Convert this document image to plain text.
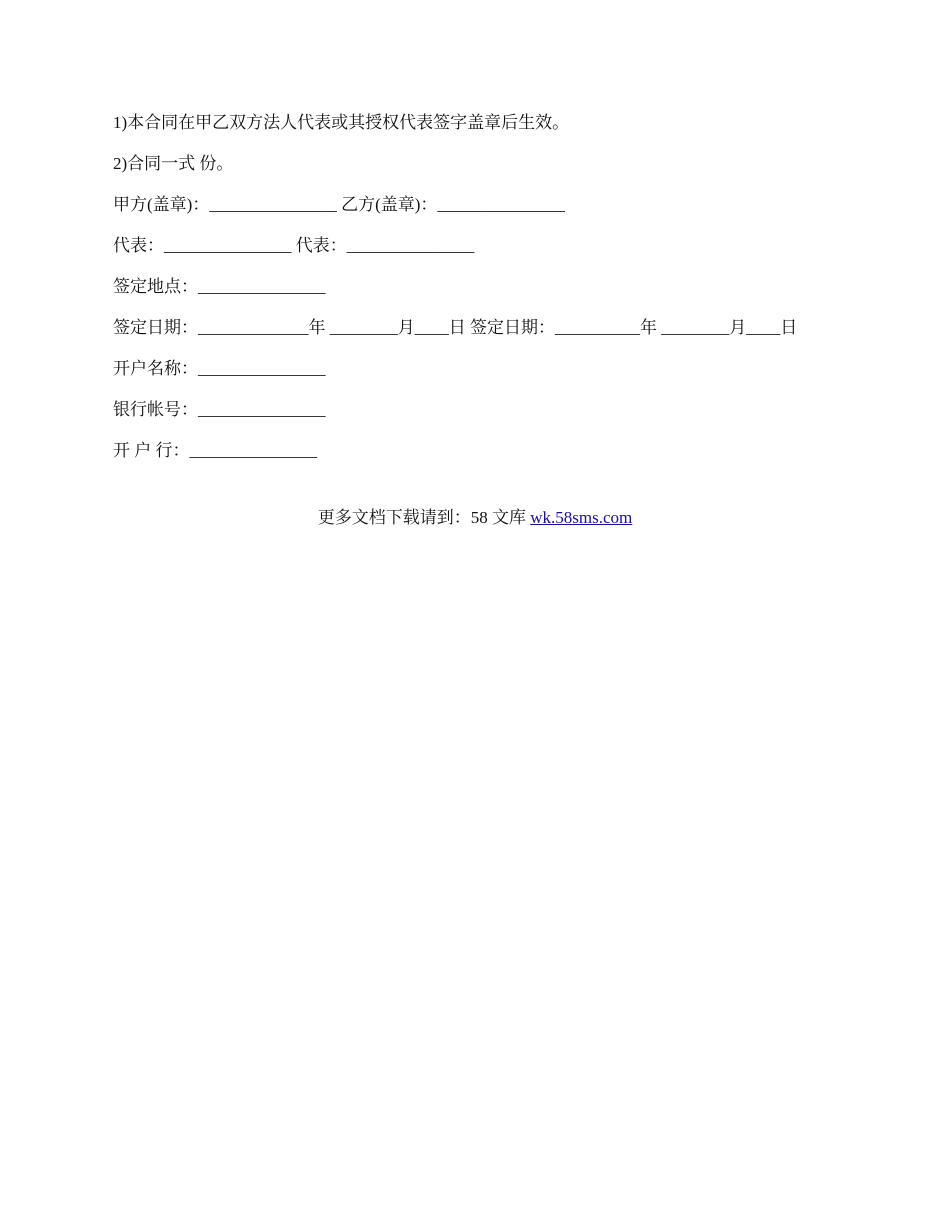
1)本合同在甲乙双方法人代表或其授权代表签字盖章后生效。

2)合同一式 份。

甲方(盖章)：_______________ 乙方(盖章)：_______________

代表：_______________ 代表：_______________

签定地点：_______________

签定日期：_____________年 ________月____日 签定日期：__________年 ________月____日

开户名称：_______________

银行帐号：_______________

开 户 行：_______________

更多文档下载请到：58 文库 wk.58sms.com
